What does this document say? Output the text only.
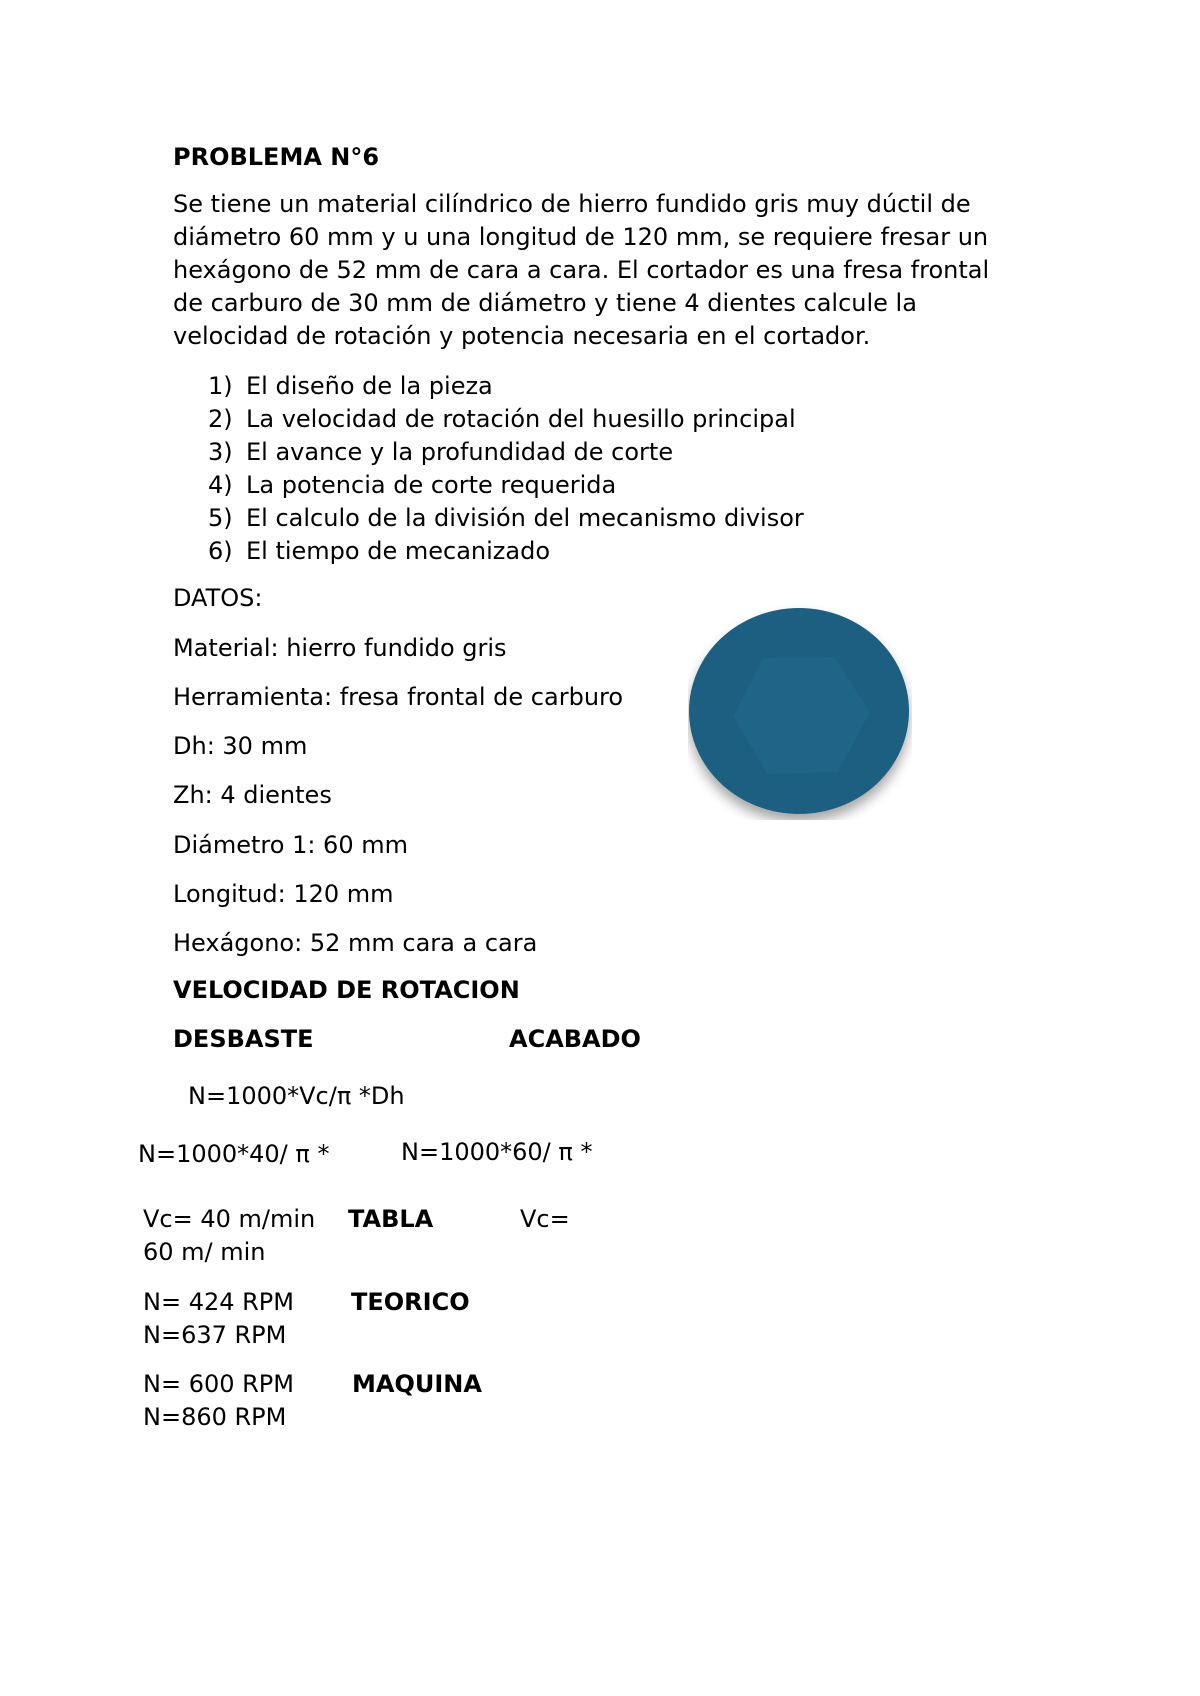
PROBLEMA N°6
Se tiene un material cilíndrico de hierro fundido gris muy dúctil de
diámetro 60 mm y u una longitud de 120 mm, se requiere fresar un
hexágono de 52 mm de cara a cara. El cortador es una fresa frontal
de carburo de 30 mm de diámetro y tiene 4 dientes calcule la
velocidad de rotación y potencia necesaria en el cortador.
1) El diseño de la pieza
2) La velocidad de rotación del huesillo principal
3) El avance y la profundidad de corte
4) La potencia de corte requerida
5) El calculo de la división del mecanismo divisor
6) El tiempo de mecanizado
DATOS:
Material: hierro fundido gris
Herramienta: fresa frontal de carburo
Dh: 30 mm
Zh: 4 dientes
Diámetro 1: 60 mm
Longitud: 120 mm
Hexágono: 52 mm cara a cara
VELOCIDAD DE ROTACION
DESBASTE	ACABADO
N=1000*Vc/π *Dh
N=1000*40/ π *	N=1000*60/ π *
Vc= 40 m/min TABLA	Vc=
60 m/ min
N= 424 RPM TEORICO
N=637 RPM
N= 600 RPM MAQUINA
N=860 RPM
